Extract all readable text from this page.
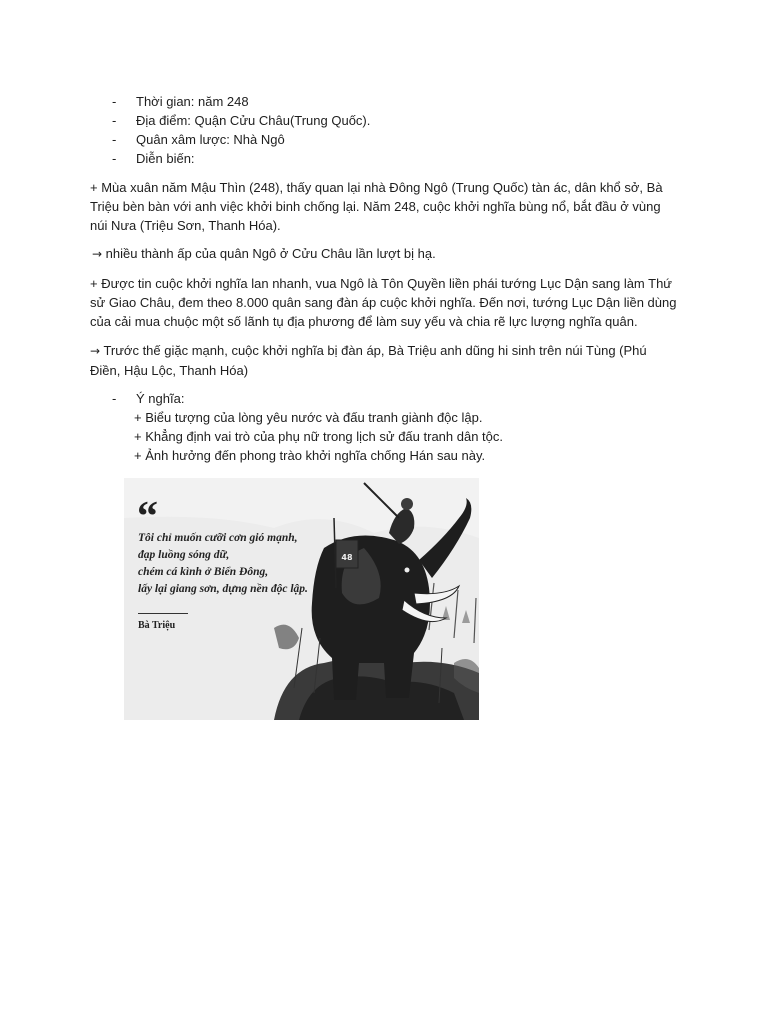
- Thời gian: năm 248
- Địa điểm: Quận Cửu Châu(Trung Quốc).
- Quân xâm lược: Nhà Ngô
- Diễn biến:

+ Mùa xuân năm Mậu Thìn (248), thấy quan lại nhà Đông Ngô (Trung Quốc) tàn ác, dân khổ sở, Bà Triệu bèn bàn với anh việc khởi binh chống lại. Năm 248, cuộc khởi nghĩa bùng nổ, bắt đầu ở vùng núi Nưa (Triệu Sơn, Thanh Hóa).

→ nhiều thành ấp của quân Ngô ở Cửu Châu lần lượt bị hạ.

+ Được tin cuộc khởi nghĩa lan nhanh, vua Ngô là Tôn Quyền liền phái tướng Lục Dận sang làm Thứ sử Giao Châu, đem theo 8.000 quân sang đàn áp cuộc khởi nghĩa. Đến nơi, tướng Lục Dận liền dùng của cải mua chuộc một số lãnh tụ địa phương để làm suy yếu và chia rẽ lực lượng nghĩa quân.

→ Trước thế giặc mạnh, cuộc khởi nghĩa bị đàn áp, Bà Triệu anh dũng hi sinh trên núi Tùng (Phú Điền, Hậu Lộc, Thanh Hóa)

- Ý nghĩa:
+ Biểu tượng của lòng yêu nước và đấu tranh giành độc lập.
+ Khẳng định vai trò của phụ nữ trong lịch sử đấu tranh dân tộc.
+ Ảnh hưởng đến phong trào khởi nghĩa chống Hán sau này.
“
Tôi chỉ muốn cưỡi cơn gió mạnh,
đạp luồng sóng dữ,
chém cá kình ở Biển Đông,
lấy lại giang sơn, dựng nền độc lập.
Bà Triệu
48
